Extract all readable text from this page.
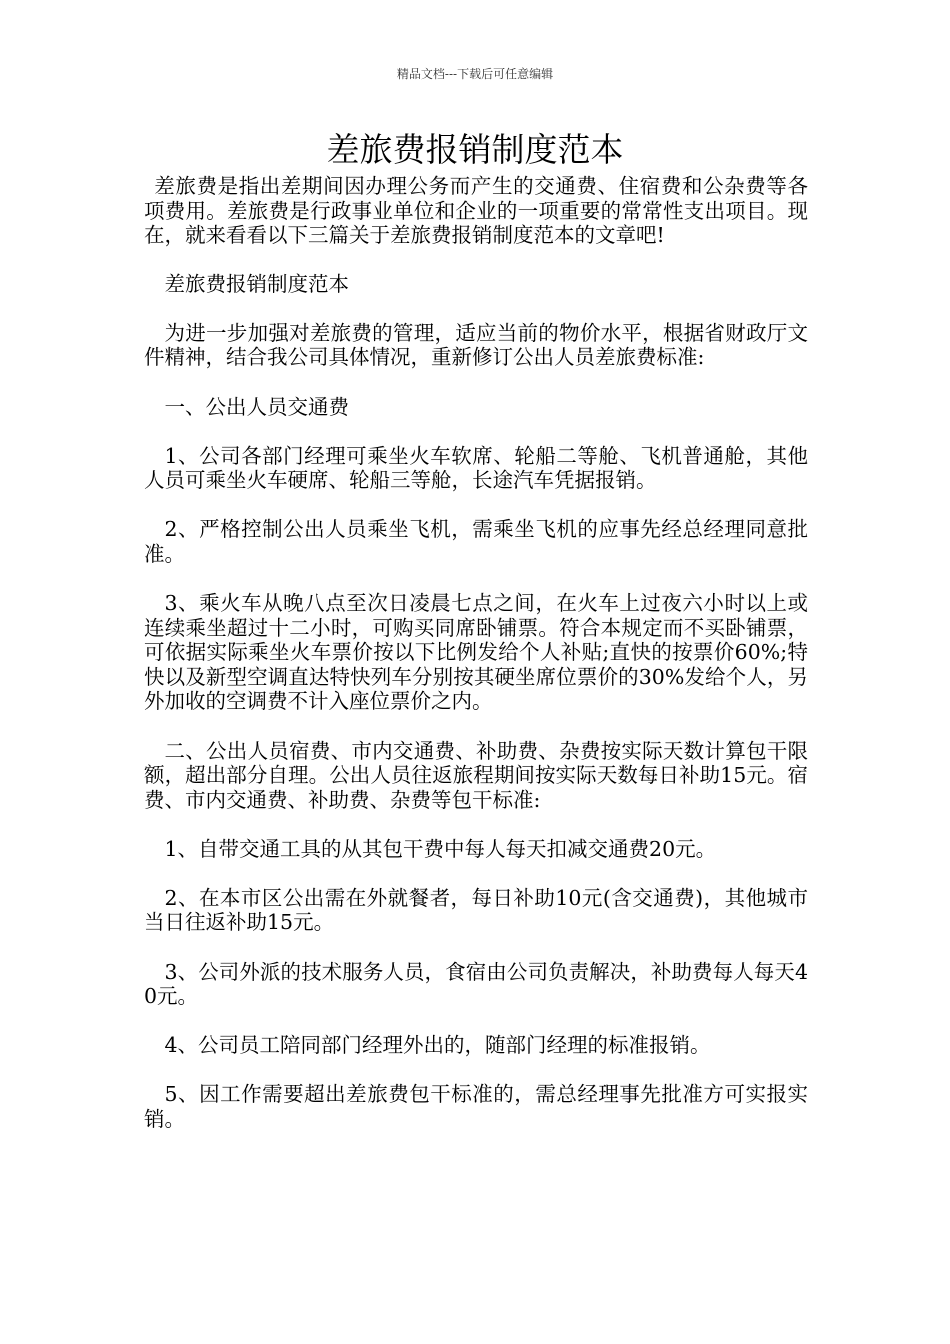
精品文档---下载后可任意编辑
差旅费报销制度范本

差旅费是指出差期间因办理公务而产生的交通费、住宿费和公杂费等各项费用。差旅费是行政事业单位和企业的一项重要的常常性支出项目。现在，就来看看以下三篇关于差旅费报销制度范本的文章吧!

差旅费报销制度范本

为进一步加强对差旅费的管理，适应当前的物价水平，根据省财政厅文件精神，结合我公司具体情况，重新修订公出人员差旅费标准:

一、公出人员交通费

1、公司各部门经理可乘坐火车软席、轮船二等舱、飞机普通舱，其他人员可乘坐火车硬席、轮船三等舱，长途汽车凭据报销。

2、严格控制公出人员乘坐飞机，需乘坐飞机的应事先经总经理同意批准。

3、乘火车从晚八点至次日凌晨七点之间，在火车上过夜六小时以上或连续乘坐超过十二小时，可购买同席卧铺票。符合本规定而不买卧铺票，可依据实际乘坐火车票价按以下比例发给个人补贴;直快的按票价60%;特快以及新型空调直达特快列车分别按其硬坐席位票价的30%发给个人，另外加收的空调费不计入座位票价之内。

二、公出人员宿费、市内交通费、补助费、杂费按实际天数计算包干限额，超出部分自理。公出人员往返旅程期间按实际天数每日补助15元。宿费、市内交通费、补助费、杂费等包干标准:

1、自带交通工具的从其包干费中每人每天扣减交通费20元。

2、在本市区公出需在外就餐者，每日补助10元(含交通费)，其他城市当日往返补助15元。

3、公司外派的技术服务人员，食宿由公司负责解决，补助费每人每天40元。

4、公司员工陪同部门经理外出的，随部门经理的标准报销。

5、因工作需要超出差旅费包干标准的，需总经理事先批准方可实报实销。
